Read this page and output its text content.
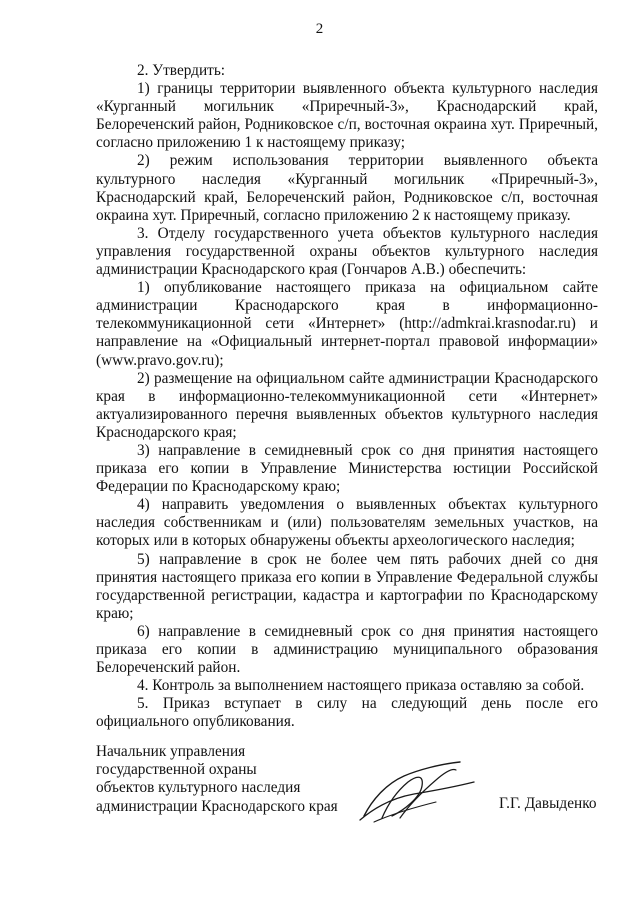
2

2. Утвердить:

1) границы территории выявленного объекта культурного наследия «Курганный могильник «Приречный-3», Краснодарский край, Белореченский район, Родниковское с/п, восточная окраина хут. Приречный, согласно приложению 1 к настоящему приказу;

2) режим использования территории выявленного объекта культурного наследия «Курганный могильник «Приречный-3», Краснодарский край, Белореченский район, Родниковское с/п, восточная окраина хут. Приречный, согласно приложению 2 к настоящему приказу.

3. Отделу государственного учета объектов культурного наследия управления государственной охраны объектов культурного наследия администрации Краснодарского края (Гончаров А.В.) обеспечить:

1) опубликование настоящего приказа на официальном сайте администрации Краснодарского края в информационно-телекоммуникационной сети «Интернет» (http://admkrai.krasnodar.ru) и направление на «Официальный интернет-портал правовой информации» (www.pravo.gov.ru);

2) размещение на официальном сайте администрации Краснодарского края в информационно-телекоммуникационной сети «Интернет» актуализированного перечня выявленных объектов культурного наследия Краснодарского края;

3) направление в семидневный срок со дня принятия настоящего приказа его копии в Управление Министерства юстиции Российской Федерации по Краснодарскому краю;

4) направить уведомления о выявленных объектах культурного наследия собственникам и (или) пользователям земельных участков, на которых или в которых обнаружены объекты археологического наследия;

5) направление в срок не более чем пять рабочих дней со дня принятия настоящего приказа его копии в Управление Федеральной службы государственной регистрации, кадастра и картографии по Краснодарскому краю;

6) направление в семидневный срок со дня принятия настоящего приказа его копии в администрацию муниципального образования Белореченский район.

4. Контроль за выполнением настоящего приказа оставляю за собой.

5. Приказ вступает в силу на следующий день после его официального опубликования.

Начальник управления
государственной охраны
объектов культурного наследия
администрации Краснодарского края	Г.Г. Давыденко
